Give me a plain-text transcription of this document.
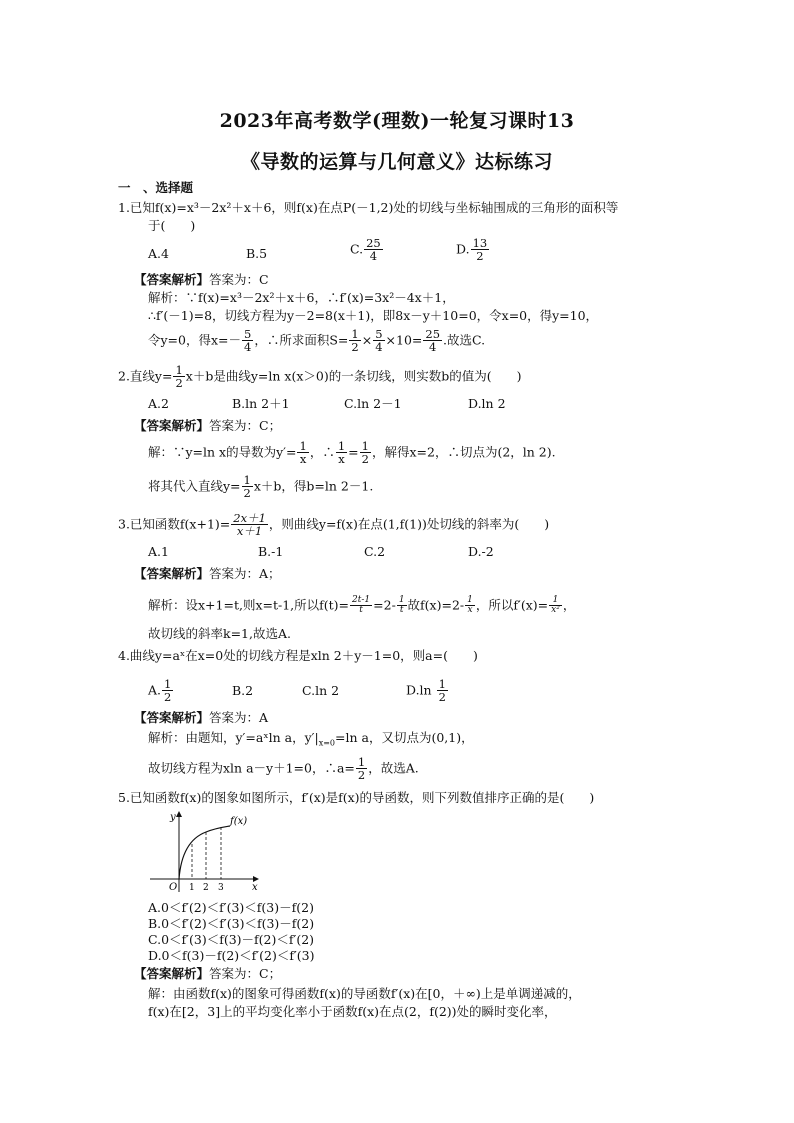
2023年高考数学(理数)一轮复习课时13
《导数的运算与几何意义》达标练习
一　、选择题
1.已知f(x)=x³－2x²＋x＋6，则f(x)在点P(－1,2)处的切线与坐标轴围成的三角形的面积等
于(　　)
A.4	B.5	C. $\frac{25}{4}$	D. $\frac{13}{2}$
【答案解析】答案为：C
解析：∵f(x)=x³－2x²＋x＋6，∴f′(x)=3x²－4x＋1，
∴f′(－1)=8，切线方程为y－2=8(x＋1)，即8x－y＋10=0，令x=0，得y=10，
令y=0，得$x=- \frac{5}{4}$ ，∴所求面积$S= \frac{1}{2} \times \frac{5}{4} \times 10= \frac{25}{4}$ .故选C.
2.直线$y= \frac{1}{2} x+b$是曲线y=ln x(x＞0)的一条切线，则实数b的值为(　　)
A.2	B.ln 2＋1	C.ln 2－1	D.ln 2
【答案解析】答案为：C；
解：∵y=ln x的导数为$y'= \frac{1}{x}$ ，∴ $\frac{1}{x} = \frac{1}{2}$ ，解得x=2，∴切点为(2，ln 2).
将其代入直线$y= \frac{1}{2} x+b$，得b=ln 2－1.
3.已知函数$f(x+1)= \frac{2x+1}{x+1}$ ，则曲线y=f(x)在点(1,f(1))处切线的斜率为(　　)
A.1	B.-1	C.2	D.-2
【答案解析】答案为：A；
解析：设x+1=t,则x=t-1,所以$f(t)= \frac{2t-1}{t} =2- \frac{1}{t}$ 故$f(x)=2- \frac{1}{x}$ ，所以$f'(x)= \frac{1}{\text{x²}}$ ，
故切线的斜率k=1,故选A.
4.曲线y=aˣ在x=0处的切线方程是xln 2＋y－1=0，则a=(　　)
A. $\frac{1}{2}$	B.2	C.ln 2	$D.\ln \frac{1}{2}$
【答案解析】答案为：A
解析：由题知，y′=aˣln a，$y'|_{x=0}=\ln$ a，又切点为(0,1)，
故切线方程为xln a－y＋1=0，∴a= $\frac{1}{2}$ ，故选A.
5.已知函数f(x)的图象如图所示，f′(x)是f(x)的导函数，则下列数值排序正确的是(　　)
y
x
O 1 2 3
f(x)
A.0＜f′(2)＜f′(3)＜f(3)－f(2)
B.0＜f′(2)＜f′(3)＜f(3)－f(2)
C.0＜f′(3)＜f(3)－f(2)＜f′(2)
D.0＜f(3)－f(2)＜f′(2)＜f′(3)
【答案解析】答案为：C；
解：由函数f(x)的图象可得函数f(x)的导函数f′(x)在[0，＋∞)上是单调递减的，
f(x)在[2，3]上的平均变化率小于函数f(x)在点(2，f(2))处的瞬时变化率，
